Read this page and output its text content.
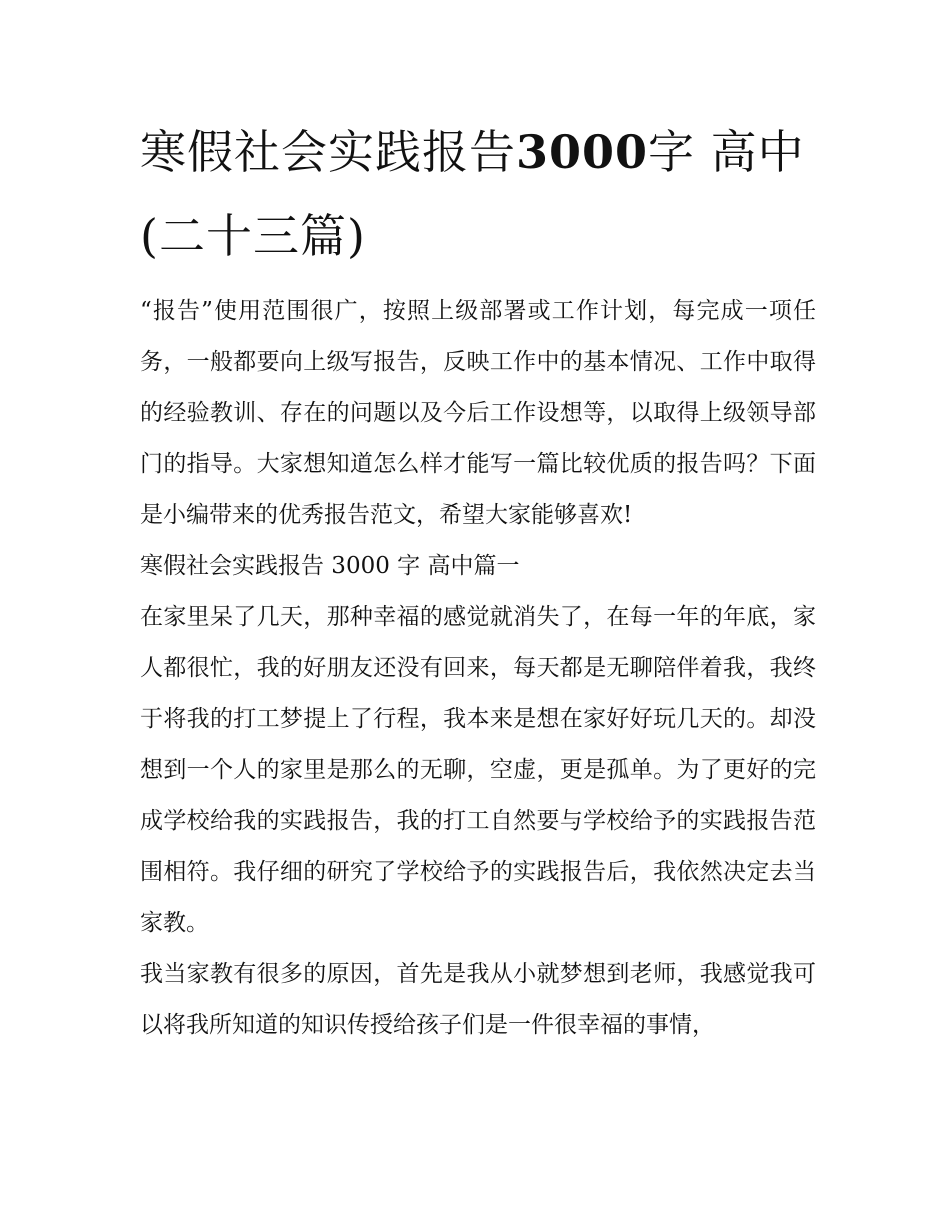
寒假社会实践报告3000字 高中(二十三篇)

“报告”使用范围很广，按照上级部署或工作计划，每完成一项任务，一般都要向上级写报告，反映工作中的基本情况、工作中取得的经验教训、存在的问题以及今后工作设想等，以取得上级领导部门的指导。大家想知道怎么样才能写一篇比较优质的报告吗？下面是小编带来的优秀报告范文，希望大家能够喜欢!

寒假社会实践报告 3000 字 高中篇一

在家里呆了几天，那种幸福的感觉就消失了，在每一年的年底，家人都很忙，我的好朋友还没有回来，每天都是无聊陪伴着我，我终于将我的打工梦提上了行程，我本来是想在家好好玩几天的。却没想到一个人的家里是那么的无聊，空虚，更是孤单。为了更好的完成学校给我的实践报告，我的打工自然要与学校给予的实践报告范围相符。我仔细的研究了学校给予的实践报告后，我依然决定去当家教。

我当家教有很多的原因，首先是我从小就梦想到老师，我感觉我可以将我所知道的知识传授给孩子们是一件很幸福的事情，
